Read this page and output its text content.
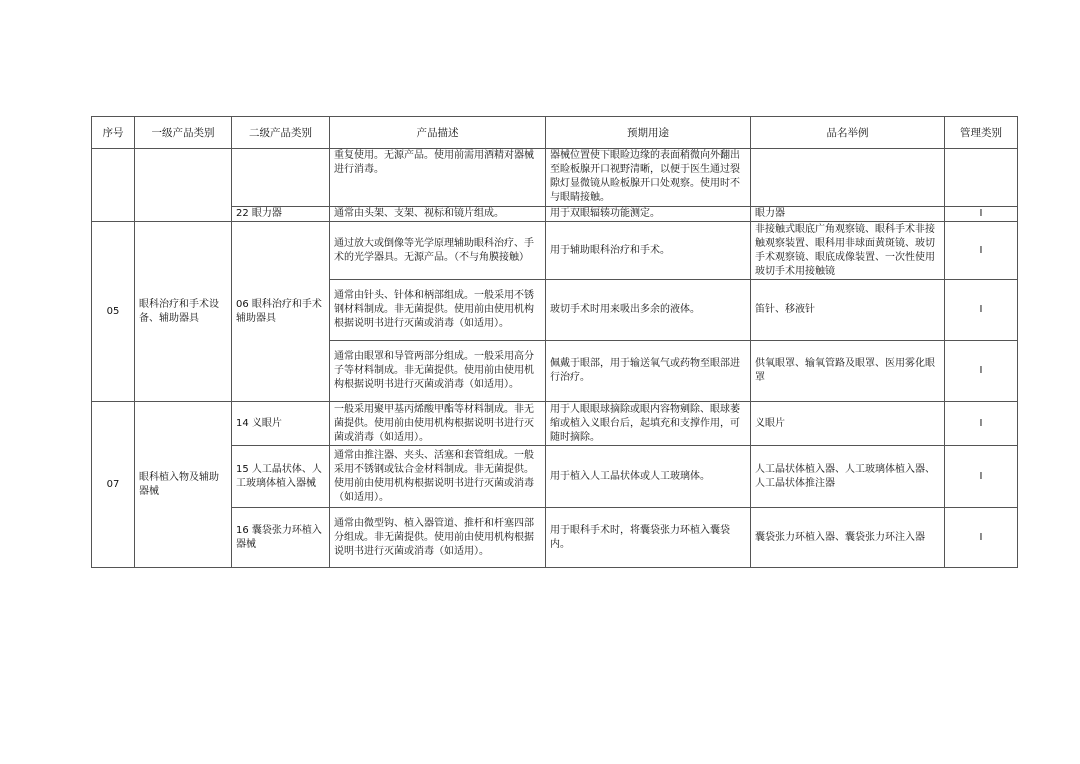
序号	一级产品类别	二级产品类别	产品描述	预期用途	品名举例	管理类别
			重复使用。无源产品。使用前需用酒精对器械进行消毒。	器械位置使下眼睑边缘的表面稍微向外翻出至睑板腺开口视野清晰，以便于医生通过裂隙灯显微镜从睑板腺开口处观察。使用时不与眼睛接触。		
		22 眼力器	通常由头架、支架、视标和镜片组成。	用于双眼辐辏功能测定。	眼力器	I
05	眼科治疗和手术设备、辅助器具	06 眼科治疗和手术辅助器具	通过放大或倒像等光学原理辅助眼科治疗、手术的光学器具。无源产品。（不与角膜接触）	用于辅助眼科治疗和手术。	非接触式眼底广角观察镜、眼科手术非接触观察装置、眼科用非球面黄斑镜、玻切手术观察镜、眼底成像装置、一次性使用玻切手术用接触镜	I
			通常由针头、针体和柄部组成。一般采用不锈钢材料制成。非无菌提供。使用前由使用机构根据说明书进行灭菌或消毒（如适用）。	玻切手术时用来吸出多余的液体。	笛针、移液针	I
			通常由眼罩和导管两部分组成。一般采用高分子等材料制成。非无菌提供。使用前由使用机构根据说明书进行灭菌或消毒（如适用）。	佩戴于眼部，用于输送氧气或药物至眼部进行治疗。	供氧眼罩、输氧管路及眼罩、医用雾化眼罩	I
07	眼科植入物及辅助器械	14 义眼片	一般采用聚甲基丙烯酸甲酯等材料制成。非无菌提供。使用前由使用机构根据说明书进行灭菌或消毒（如适用）。	用于人眼眼球摘除或眼内容物剜除、眼球萎缩或植入义眼台后，起填充和支撑作用，可随时摘除。	义眼片	I
		15 人工晶状体、人工玻璃体植入器械	通常由推注器、夹头、活塞和套管组成。一般采用不锈钢或钛合金材料制成。非无菌提供。使用前由使用机构根据说明书进行灭菌或消毒（如适用）。	用于植入人工晶状体或人工玻璃体。	人工晶状体植入器、人工玻璃体植入器、人工晶状体推注器	I
		16 囊袋张力环植入器械	通常由微型钩、植入器管道、推杆和杆塞四部分组成。非无菌提供。使用前由使用机构根据说明书进行灭菌或消毒（如适用）。	用于眼科手术时，将囊袋张力环植入囊袋内。	囊袋张力环植入器、囊袋张力环注入器	I
